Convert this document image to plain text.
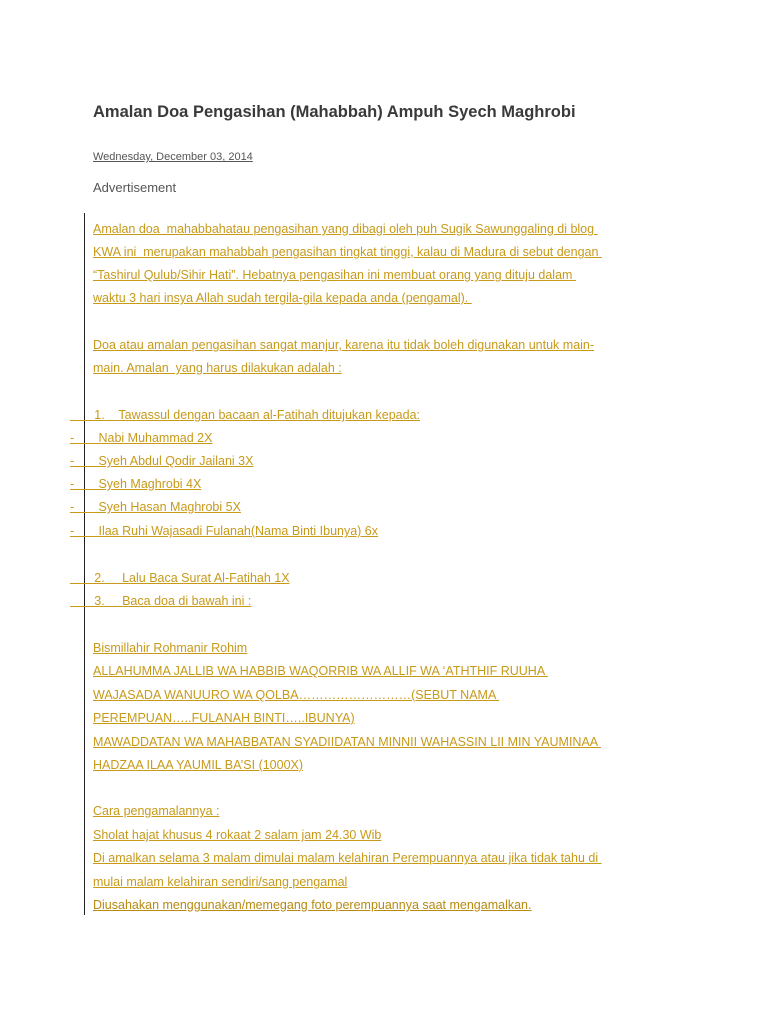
Amalan Doa Pengasihan (Mahabbah) Ampuh Syech Maghrobi
Wednesday, December 03, 2014
Advertisement
Amalan doa  mahabbahatau pengasihan yang dibagi oleh puh Sugik Sawunggaling di blog
KWA ini  merupakan mahabbah pengasihan tingkat tinggi, kalau di Madura di sebut dengan
“Tashirul Qulub/Sihir Hati”. Hebatnya pengasihan ini membuat orang yang dituju dalam
waktu 3 hari insya Allah sudah tergila-gila kepada anda (pengamal).
Doa atau amalan pengasihan sangat manjur, karena itu tidak boleh digunakan untuk main-
main. Amalan  yang harus dilakukan adalah :
1.    Tawassul dengan bacaan al-Fatihah ditujukan kepada:
-       Nabi Muhammad 2X
-       Syeh Abdul Qodir Jailani 3X
-       Syeh Maghrobi 4X
-       Syeh Hasan Maghrobi 5X
-       Ilaa Ruhi Wajasadi Fulanah(Nama Binti Ibunya) 6x
2.     Lalu Baca Surat Al-Fatihah 1X
3.     Baca doa di bawah ini :
Bismillahir Rohmanir Rohim
ALLAHUMMA JALLIB WA HABBIB WAQORRIB WA ALLIF WA ‘ATHTHIF RUUHA
WAJASADA WANUURO WA QOLBA………………………(SEBUT NAMA
PEREMPUAN…..FULANAH BINTI…..IBUNYA)
MAWADDATAN WA MAHABBATAN SYADIIDATAN MINNII WAHASSIN LII MIN YAUMINAA
HADZAA ILAA YAUMIL BA’SI (1000X)
Cara pengamalannya :
Sholat hajat khusus 4 rokaat 2 salam jam 24.30 Wib
Di amalkan selama 3 malam dimulai malam kelahiran Perempuannya atau jika tidak tahu di
mulai malam kelahiran sendiri/sang pengamal
Diusahakan menggunakan/memegang foto perempuannya saat mengamalkan.
